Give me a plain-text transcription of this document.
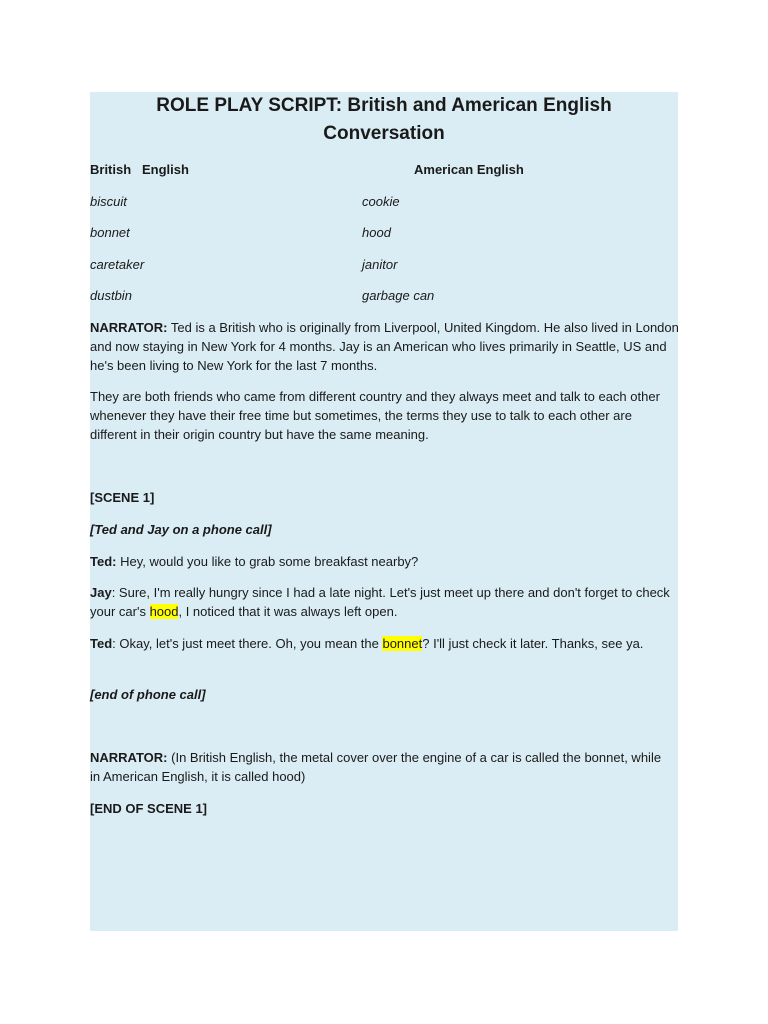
ROLE PLAY SCRIPT: British and American English
Conversation
British   English	American English
biscuit	cookie
bonnet	hood
caretaker	janitor
dustbin	garbage can

NARRATOR: Ted is a British who is originally from Liverpool, United Kingdom. He also lived in London and now staying in New York for 4 months. Jay is an American who lives primarily in Seattle, US and he's been living to New York for the last 7 months.

They are both friends who came from different country and they always meet and talk to each other whenever they have their free time but sometimes, the terms they use to talk to each other are different in their origin country but have the same meaning.

[SCENE 1]
[Ted and Jay on a phone call]

Ted: Hey, would you like to grab some breakfast nearby?

Jay: Sure, I'm really hungry since I had a late night. Let's just meet up there and don't forget to check your car's hood, I noticed that it was always left open.

Ted: Okay, let's just meet there. Oh, you mean the bonnet? I'll just check it later. Thanks, see ya.

[end of phone call]

NARRATOR: (In British English, the metal cover over the engine of a car is called the bonnet, while in American English, it is called hood)

[END OF SCENE 1]
